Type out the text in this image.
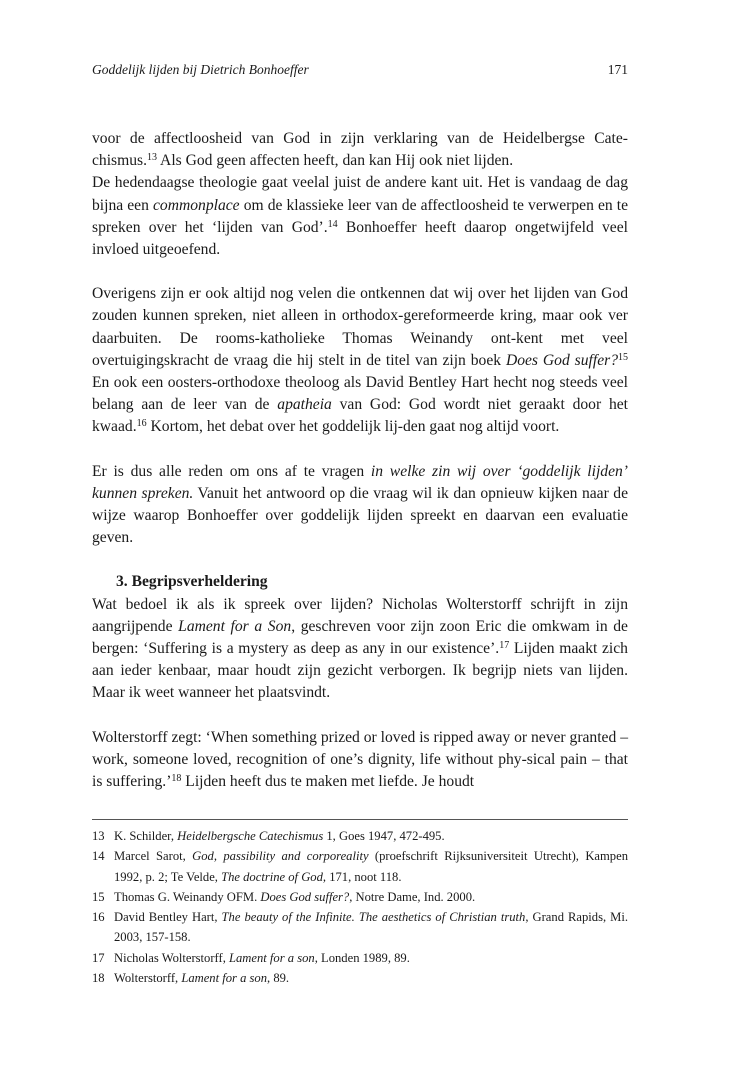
Goddelijk lijden bij Dietrich Bonhoeffer	171

voor de affectloosheid van God in zijn verklaring van de Heidelbergse Cate-chismus.$^{13}$ Als God geen affecten heeft, dan kan Hij ook niet lijden.

De hedendaagse theologie gaat veelal juist de andere kant uit. Het is vandaag de dag bijna een commonplace om de klassieke leer van de affectloosheid te verwerpen en te spreken over het ‘lijden van God’.$^{14}$ Bonhoeffer heeft daarop ongetwijfeld veel invloed uitgeoefend.

Overigens zijn er ook altijd nog velen die ontkennen dat wij over het lijden van God zouden kunnen spreken, niet alleen in orthodox-gereformeerde kring, maar ook ver daarbuiten. De rooms-katholieke Thomas Weinandy ont-kent met veel overtuigingskracht de vraag die hij stelt in de titel van zijn boek Does God suffer?$^{15}$ En ook een oosters-orthodoxe theoloog als David Bentley Hart hecht nog steeds veel belang aan de leer van de apatheia van God: God wordt niet geraakt door het kwaad.$^{16}$ Kortom, het debat over het goddelijk lij-den gaat nog altijd voort.

Er is dus alle reden om ons af te vragen in welke zin wij over ‘goddelijk lijden’ kunnen spreken. Vanuit het antwoord op die vraag wil ik dan opnieuw kijken naar de wijze waarop Bonhoeffer over goddelijk lijden spreekt en daarvan een evaluatie geven.

3. Begripsverheldering

Wat bedoel ik als ik spreek over lijden? Nicholas Wolterstorff schrijft in zijn aangrijpende Lament for a Son, geschreven voor zijn zoon Eric die omkwam in de bergen: ‘Suffering is a mystery as deep as any in our existence’.$^{17}$ Lijden maakt zich aan ieder kenbaar, maar houdt zijn gezicht verborgen. Ik begrijp niets van lijden. Maar ik weet wanneer het plaatsvindt.

Wolterstorff zegt: ‘When something prized or loved is ripped away or never granted – work, someone loved, recognition of one’s dignity, life without phy-sical pain – that is suffering.’$^{18}$ Lijden heeft dus te maken met liefde. Je houdt

13 K. Schilder, Heidelbergsche Catechismus 1, Goes 1947, 472-495.
14 Marcel Sarot, God, passibility and corporeality (proefschrift Rijksuniversiteit Utrecht), Kampen 1992, p. 2; Te Velde, The doctrine of God, 171, noot 118.
15 Thomas G. Weinandy OFM. Does God suffer?, Notre Dame, Ind. 2000.
16 David Bentley Hart, The beauty of the Infinite. The aesthetics of Christian truth, Grand Rapids, Mi. 2003, 157-158.
17 Nicholas Wolterstorff, Lament for a son, Londen 1989, 89.
18 Wolterstorff, Lament for a son, 89.
